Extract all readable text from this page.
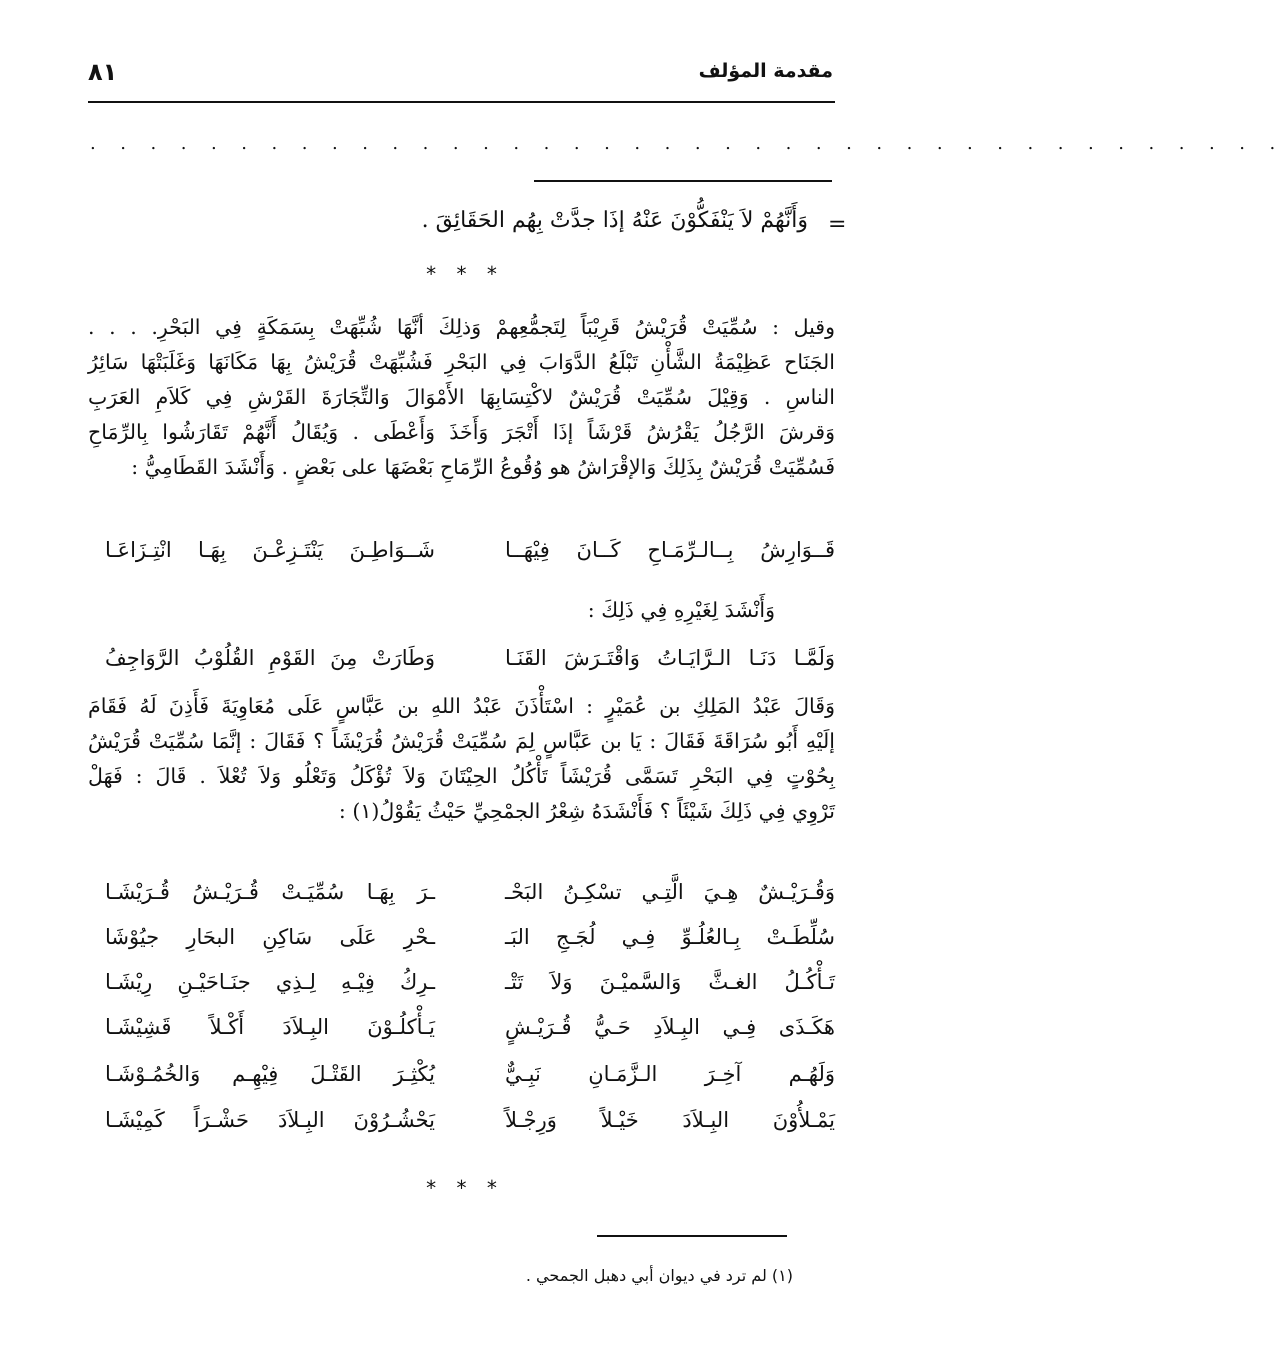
مقدمة المؤلف
٨١
. . . . . . . . . . . . . . . . . . . . . . . . . . . . . . . . . . . . . . . .
=
وَأَنَّهُمْ لاَ يَنْفَكُّوْنَ عَنْهُ إذَا جدَّتْ بِهُم الحَقَائِقَ .
* * *
وقيل : سُمِّيَتْ قُرَيْشُ قَرِيْبَاً لِتَجمُّعِهمْ وَذلِكَ أنَّهَا شُبِّهَتْ بِسَمَكَةٍ فِي البَحْرِ. . . .
الجَنَاح عَظِيْمَةُ الشَّأْنِ تَبْلَعُ الدَّوَابَ فِي البَحْرِ فَشُبِّهَتْ قُرَيْشُ بِهَا مَكَانَهَا وَغَلَبَتْهَا سَائِرُ
الناسِ . وَقِيْلَ سُمِّيَتْ قُرَيْشٌ لاكْتِسَابِهَا الأَمْوَالَ وَالتِّجَارَةَ القَرْشِ فِي كَلاَمِ العَرَبِ
وَقرشَ الرَّجُلُ يَقْرُشُ قَرْشَاً إذَا أَتْجَرَ وَأَخَذَ وَأَعْطَى . وَيُقَالُ أَنَّهُمْ تَقَارَشُوا بِالرِّمَاحِ
فَسُمِّيَتْ قُرَيْشٌ بِذَلِكَ وَالإقْرَاشُ هو وُقُوعُ الرِّمَاحِ بَعْضَهَا على بَعْضٍ . وَأَنْشَدَ القَطَامِيُّ :
قَــوَارِشُ بِــالـرِّمَـاحِ كَــانَ فِيْهَــا
شَــوَاطِـنَ يَنْتَـزِعْـنَ بِهَـا انْتِـزَاعَـا
وَأَنْشَدَ لِغَيْرِهِ فِي ذَلِكَ :
وَلَمَّـا دَنَـا الـرَّايَـاتُ وَاقْتَـرَشَ القَنَـا
وَطَارَتْ مِنَ القَوْمِ القُلُوْبُ الرَّوَاجِفُ
وَقَالَ عَبْدُ المَلِكِ بن عُمَيْرٍ : اسْتَأْذَنَ عَبْدُ اللهِ بن عَبَّاسٍ عَلَى مُعَاوِيَةَ فَأَذِنَ لَهُ فَقَامَ
إلَيْهِ أَبُو سُرَاقَةَ فَقَالَ : يَا بن عَبَّاسٍ لِمَ سُمِّيَتْ قُرَيْشُ قُرَيْشَاً ؟ فَقَالَ : إنَّمَا سُمِّيَتْ قُرَيْشُ
بِحُوْتٍ فِي البَحْرِ تَسَمَّى قُرَيْشَاً تَأْكُلُ الحِيْتَانَ وَلاَ تُؤْكَلُ وَتَعْلُو وَلاَ تُعْلاَ . قَالَ : فَهَلْ
تَرْوِي فِي ذَلِكَ شَيْئَاً ؟ فَأَنْشَدَهُ شِعْرُ الجمْحِيِّ حَيْثُ يَقُوْلُ(١) :
وَقُـرَيْـشٌ هِـيَ الَّتِـي تسْكِـنُ البَحْـ
ـرَ بِهَـا سُمِّيَـتْ قُـرَيْـشُ قُـرَيْشَـا
سُلِّطَـتْ بِـالعُلُـوِّ فِـي لُجَـجِ البَـ
ـحْرِ عَلَى سَاكِنِ البحَارِ جيُوْشَا
تَـأْكُـلُ الغـثَّ وَالسَّميْـنَ وَلاَ تَتْـ
ـرِكُ فِيْـهِ لِـذِي جنَـاحَيْـنِ رِيْشَـا
هَكَـذَى فِـي البِـلاَدِ حَـيُّ قُـرَيْـشٍ
يَـأْكلُـوْنَ البِـلاَدَ أَكْـلاً قَشِيْشَـا
وَلَهُـم آخِـرَ الـزَّمَـانِ نَبِـيٌّ
يُكْثِـرَ القَتْـلَ فِيْهِـم وَالخُمُـوْشَـا
يَمْـلأُوْنَ البِـلاَدَ خَيْـلاً وَرِجْـلاً
يَحْشُـرُوْنَ البِـلاَدَ حَشْـرَاً كَمِيْشَـا
* * *
(١) لم ترد في ديوان أبي دهبل الجمحي .
